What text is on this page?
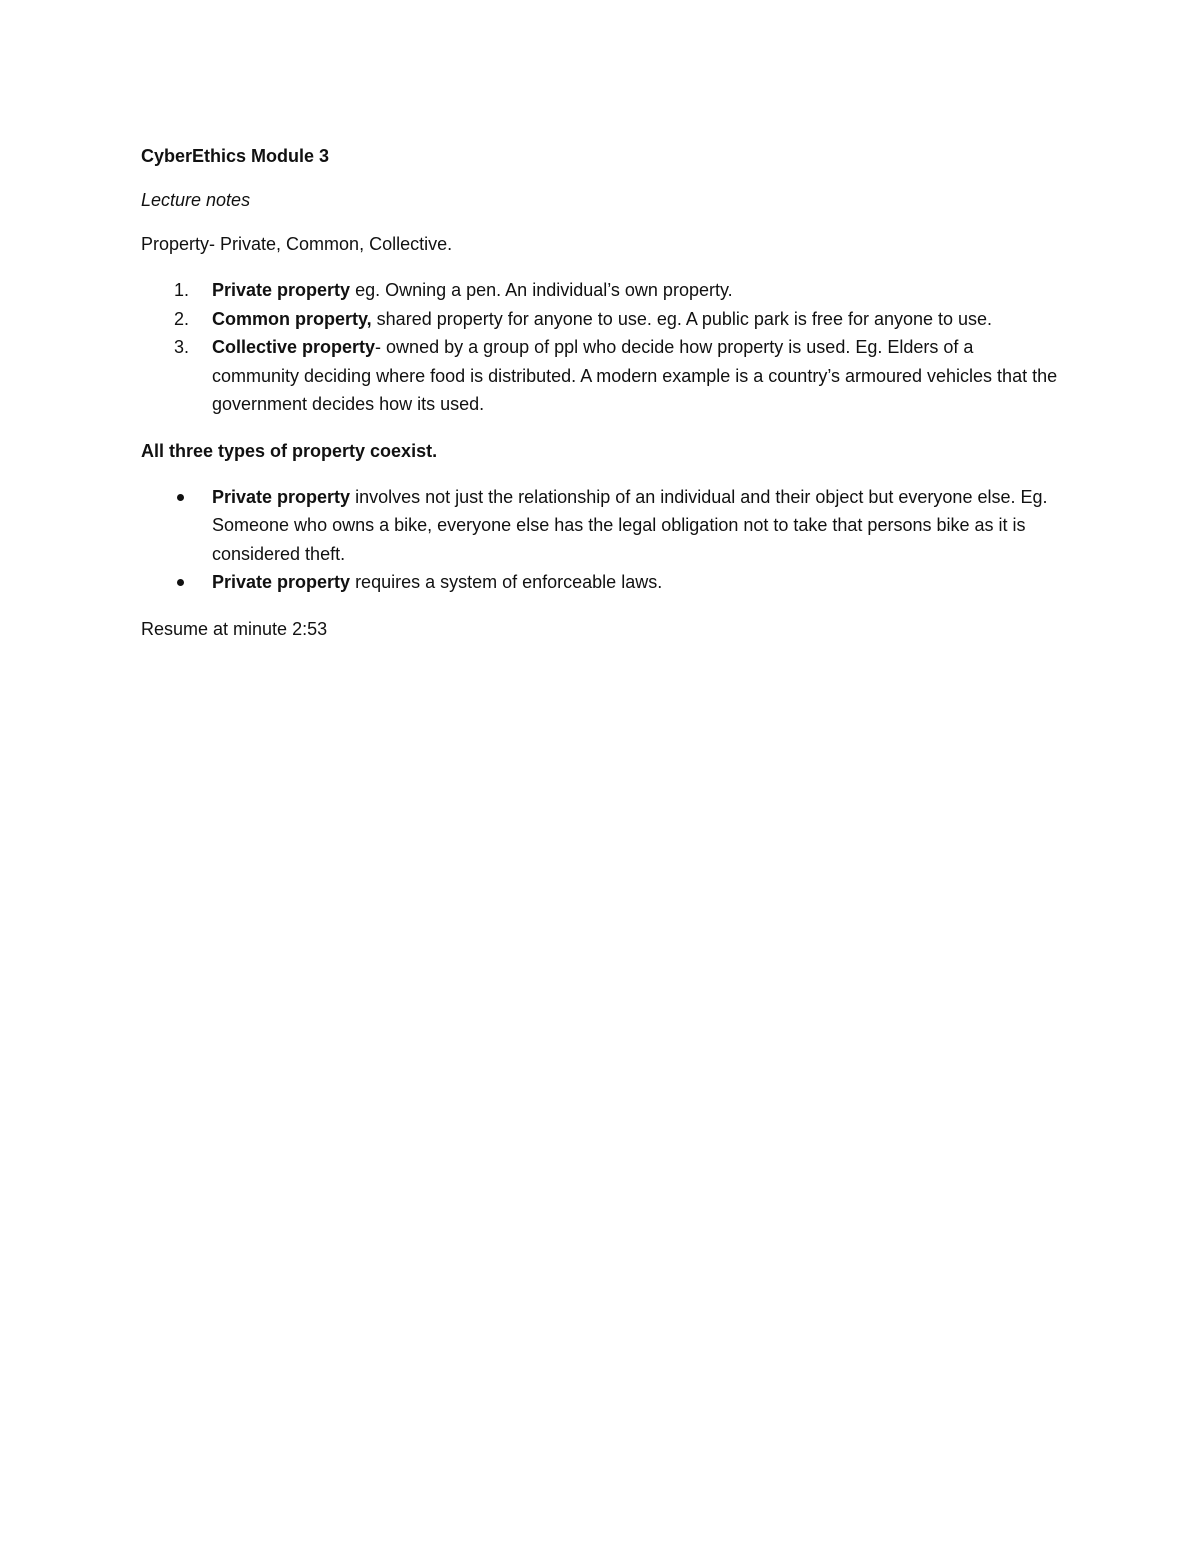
CyberEthics Module 3
Lecture notes
Property- Private, Common, Collective.
1.	Private property eg. Owning a pen. An individual’s own property.
2.	Common property, shared property for anyone to use. eg. A public park is free for anyone to use.
3.	Collective property- owned by a group of ppl who decide how property is used. Eg. Elders of a community deciding where food is distributed. A modern example is a country’s armoured vehicles that the government decides how its used.
All three types of property coexist.
Private property involves not just the relationship of an individual and their object but everyone else. Eg. Someone who owns a bike, everyone else has the legal obligation not to take that persons bike as it is considered theft.
Private property requires a system of enforceable laws.
Resume at minute 2:53
